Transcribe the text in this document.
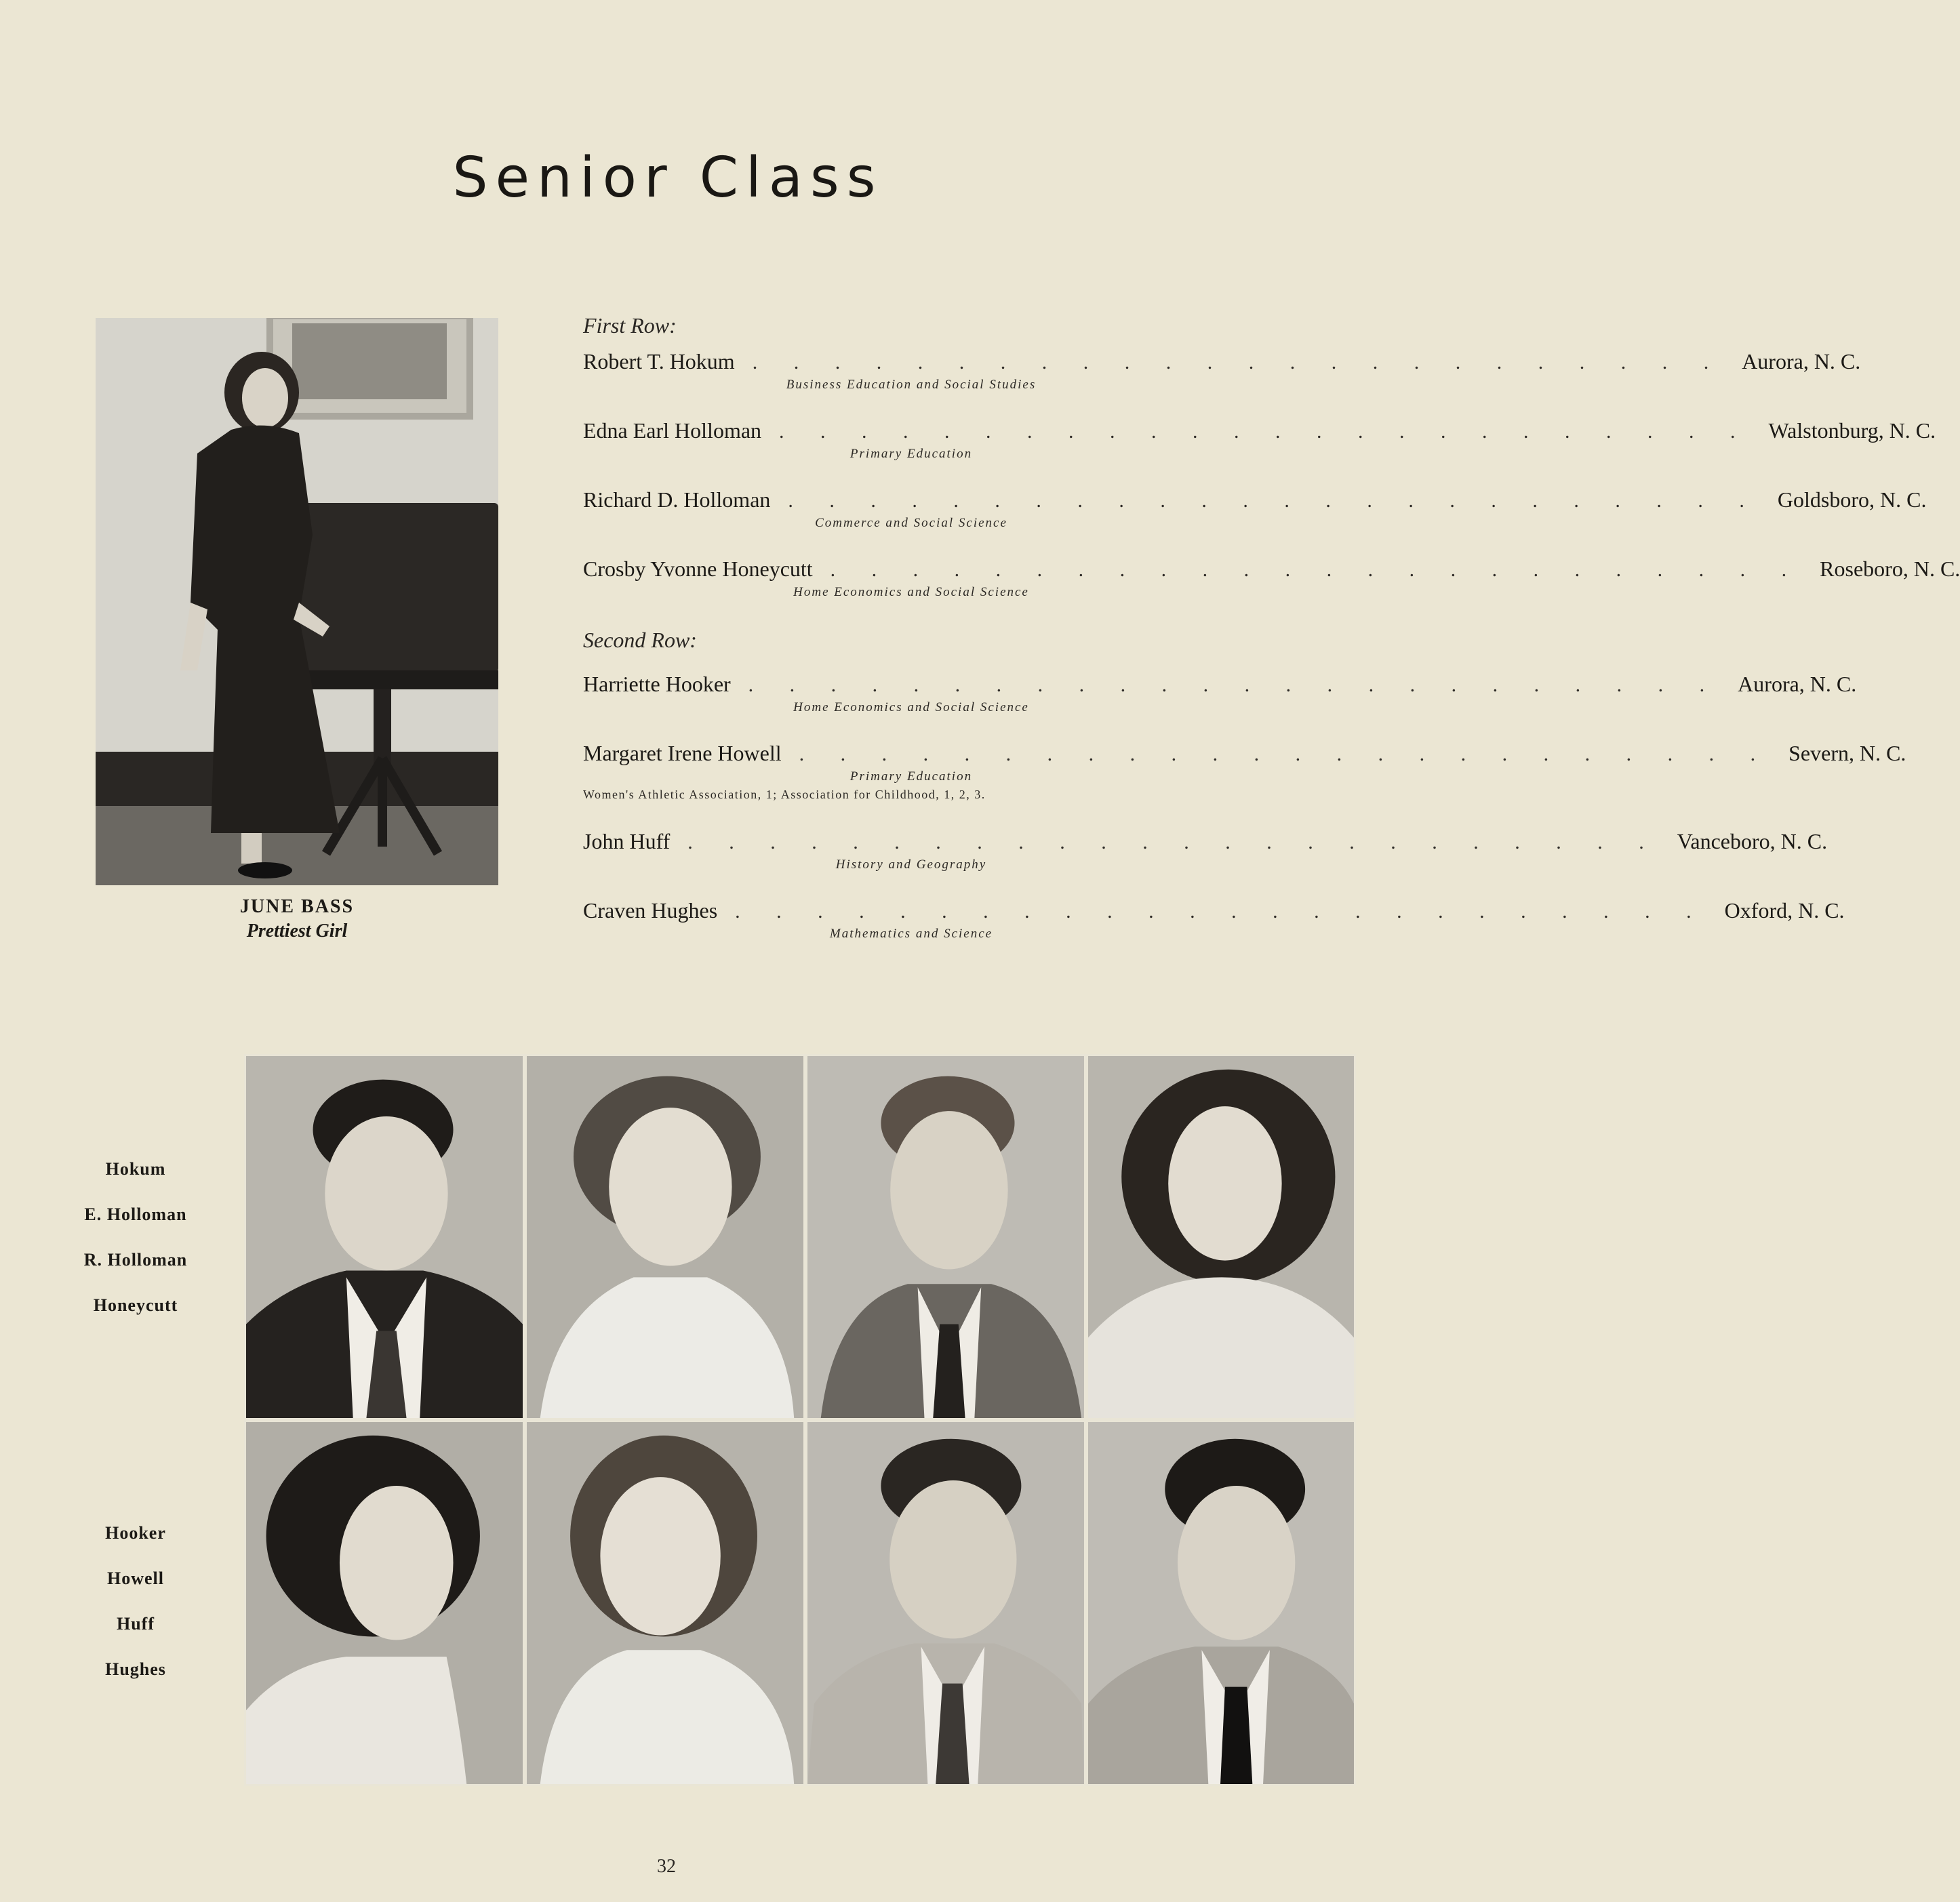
Senior Class
JUNE BASS
Prettiest Girl
First Row:
Robert T. Hokum . . . . . . . . . . . . . . . . . . . . . . . . Aurora, N. C.
Business Education and Social Studies
Edna Earl Holloman . . . . . . . . . . . . . . . . . . . . . . . . Walstonburg, N. C.
Primary Education
Richard D. Holloman . . . . . . . . . . . . . . . . . . . . . . . . Goldsboro, N. C.
Commerce and Social Science
Crosby Yvonne Honeycutt . . . . . . . . . . . . . . . . . . . . . . . . Roseboro, N. C.
Home Economics and Social Science
Second Row:
Harriette Hooker . . . . . . . . . . . . . . . . . . . . . . . . Aurora, N. C.
Home Economics and Social Science
Margaret Irene Howell . . . . . . . . . . . . . . . . . . . . . . . . Severn, N. C.
Primary Education
Women's Athletic Association, 1; Association for Childhood, 1, 2, 3.
John Huff . . . . . . . . . . . . . . . . . . . . . . . . Vanceboro, N. C.
History and Geography
Craven Hughes . . . . . . . . . . . . . . . . . . . . . . . . Oxford, N. C.
Mathematics and Science
Hokum
E. Holloman
R. Holloman
Honeycutt
Hooker
Howell
Huff
Hughes
32
